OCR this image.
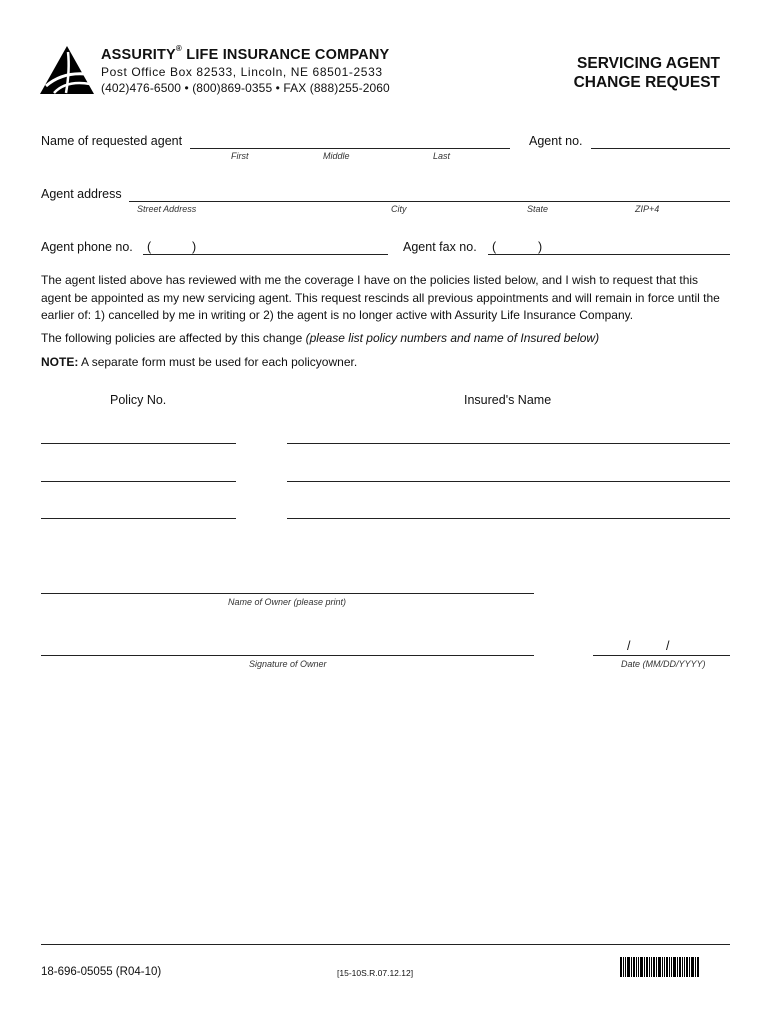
ASSURITY® LIFE INSURANCE COMPANY
Post Office Box 82533, Lincoln, NE 68501-2533
(402)476-6500 • (800)869-0355 • FAX (888)255-2060
SERVICING AGENT
CHANGE REQUEST
Name of requested agent
First	Middle	Last
Agent no.
Agent address
Street Address	City	State	ZIP+4
Agent phone no. (	)	Agent fax no. (	)
The agent listed above has reviewed with me the coverage I have on the policies listed below, and I wish to request that this agent be appointed as my new servicing agent. This request rescinds all previous appointments and will remain in force until the earlier of: 1) cancelled by me in writing or 2) the agent is no longer active with Assurity Life Insurance Company.
The following policies are affected by this change (please list policy numbers and name of Insured below)
NOTE: A separate form must be used for each policyowner.
Policy No.	Insured's Name
Name of Owner (please print)
Signature of Owner
/	/
Date (MM/DD/YYYY)
18-696-05055 (R04-10)	[15-10S.R.07.12.12]
